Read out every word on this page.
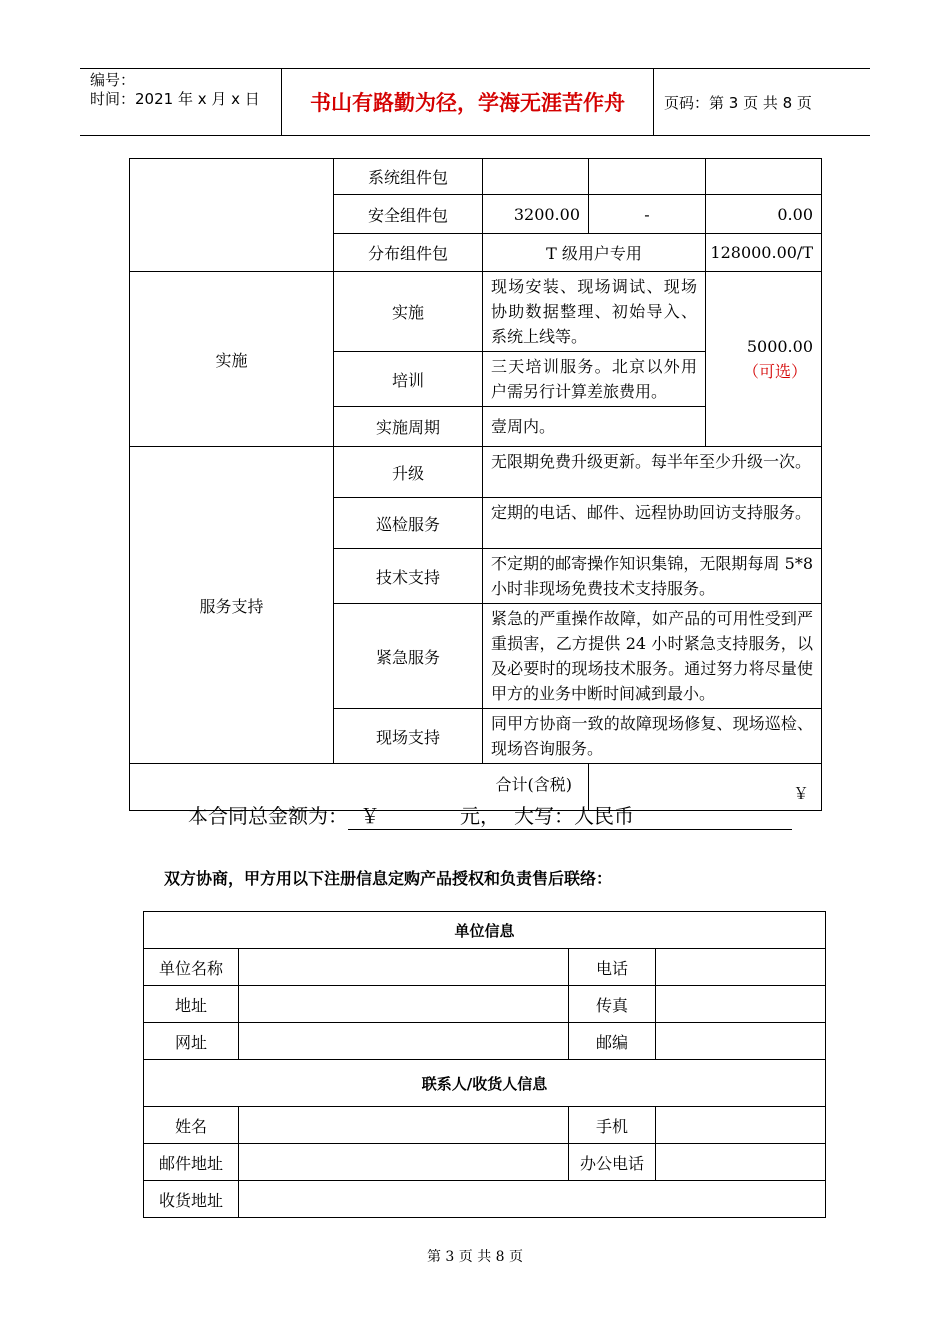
编号：
时间：2021 年 x 月 x 日	书山有路勤为径，学海无涯苦作舟	页码：第 3 页 共 8 页
	系统组件包			
	安全组件包	3200.00	-	0.00
	分布组件包	T 级用户专用		128000.00/T
实施	实施	现场安装、现场调试、现场协助数据整理、初始导入、系统上线等。		5000.00
（可选）

	培训	三天培训服务。北京以外用户需另行计算差旅费用。		
	实施周期	壹周内。		
服务支持	升级	无限期免费升级更新。每半年至少升级一次。		
	巡检服务	定期的电话、邮件、远程协助回访支持服务。		
	技术支持	不定期的邮寄操作知识集锦，无限期每周 5*8 小时非现场免费技术支持服务。		
	紧急服务	紧急的严重操作故障，如产品的可用性受到严重损害，乙方提供 24 小时紧急支持服务，以及必要时的现场技术服务。通过努力将尽量使甲方的业务中断时间减到最小。		
	现场支持	同甲方协商一致的故障现场修复、现场巡检、现场咨询服务。		
合计(含税)			￥	
本合同总金额为： ￥	元， 大写：人民币
双方协商，甲方用以下注册信息定购产品授权和负责售后联络：
单位信息			
单位名称		电话	
地址		传真	
网址		邮编	
联系人/收货人信息			
姓名		手机	
邮件地址		办公电话	
收货地址			
第 3 页 共 8 页
